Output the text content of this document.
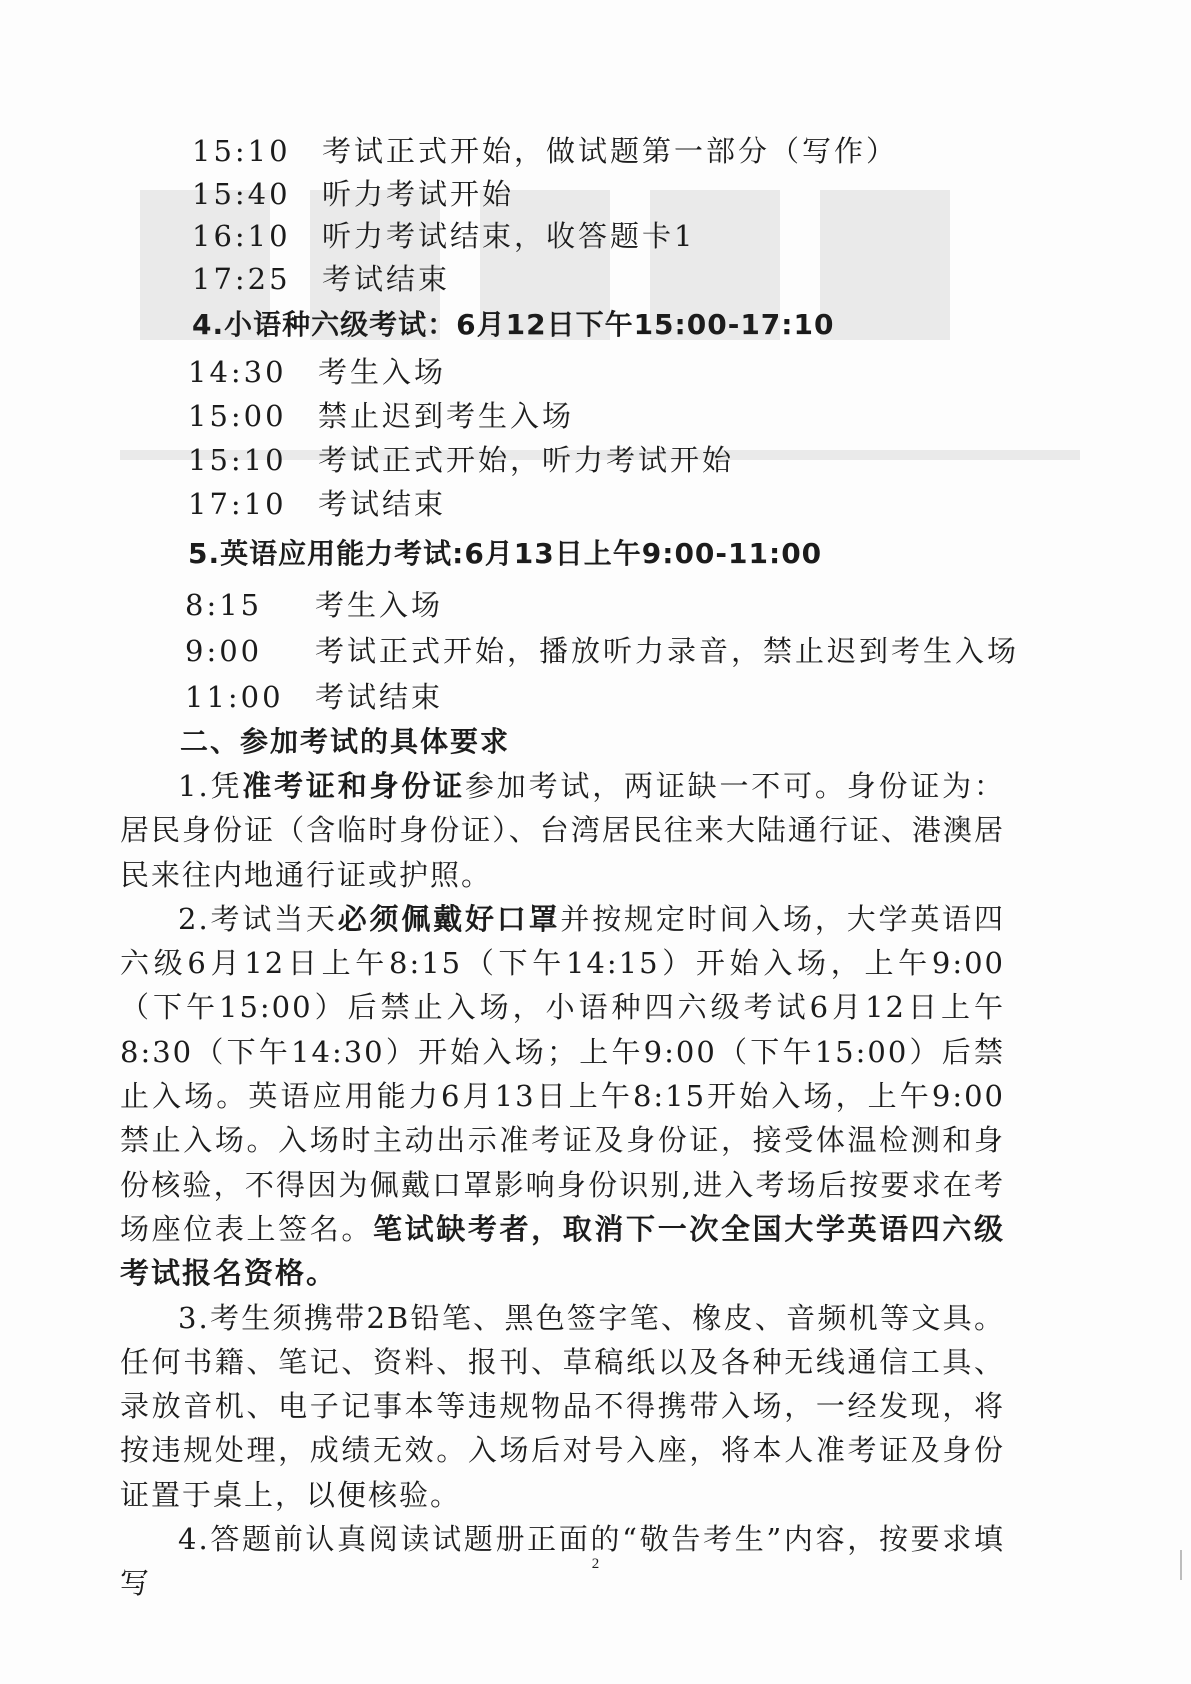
15:10	考试正式开始，做试题第一部分（写作）
15:40	听力考试开始
16:10	听力考试结束，收答题卡1
17:25	考试结束
4.小语种六级考试：6月12日下午15:00-17:10
14:30	考生入场
15:00	禁止迟到考生入场
15:10	考试正式开始，听力考试开始
17:10	考试结束
5.英语应用能力考试:6月13日上午9:00-11:00
8:15	考生入场
9:00	考试正式开始，播放听力录音，禁止迟到考生入场
11:00	考试结束
二、参加考试的具体要求

1.凭准考证和身份证参加考试，两证缺一不可。身份证为：居民身份证（含临时身份证）、台湾居民往来大陆通行证、港澳居民来往内地通行证或护照。

2.考试当天必须佩戴好口罩并按规定时间入场，大学英语四六级6月12日上午8:15（下午14:15）开始入场，上午9:00（下午15:00）后禁止入场，小语种四六级考试6月12日上午8:30（下午14:30）开始入场；上午9:00（下午15:00）后禁止入场。英语应用能力6月13日上午8:15开始入场，上午9:00禁止入场。入场时主动出示准考证及身份证，接受体温检测和身份核验，不得因为佩戴口罩影响身份识别,进入考场后按要求在考场座位表上签名。笔试缺考者，取消下一次全国大学英语四六级考试报名资格。

3.考生须携带2B铅笔、黑色签字笔、橡皮、音频机等文具。任何书籍、笔记、资料、报刊、草稿纸以及各种无线通信工具、录放音机、电子记事本等违规物品不得携带入场，一经发现，将按违规处理，成绩无效。入场后对号入座，将本人准考证及身份证置于桌上，以便核验。

4.答题前认真阅读试题册正面的“敬告考生”内容，按要求填写

2
